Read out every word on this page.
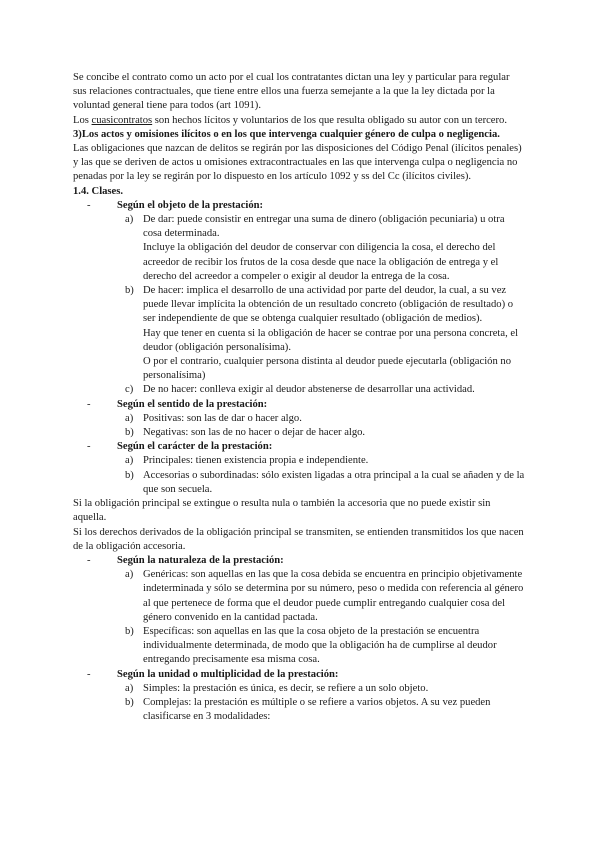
Se concibe el contrato como un acto por el cual los contratantes dictan una ley y particular para regular sus relaciones contractuales, que tiene entre ellos una fuerza semejante a la que la ley dictada por la voluntad general tiene para todos (art 1091).

Los cuasicontratos son hechos lícitos y voluntarios de los que resulta obligado su autor con un tercero.

3)Los actos y omisiones ilícitos o en los que intervenga cualquier género de culpa o negligencia.

Las obligaciones que nazcan de delitos se regirán por las disposiciones del Código Penal (ilícitos penales) y las que se deriven de actos u omisiones extracontractuales en las que intervenga culpa o negligencia no penadas por la ley se regirán por lo dispuesto en los artículo 1092 y ss del Cc (ilícitos civiles).

1.4. Clases.

- Según el objeto de la prestación:
a) De dar: puede consistir en entregar una suma de dinero (obligación pecuniaria) u otra cosa determinada.

Incluye la obligación del deudor de conservar con diligencia la cosa, el derecho del acreedor de recibir los frutos de la cosa desde que nace la obligación de entrega y el derecho del acreedor a compeler o exigir al deudor la entrega de la cosa.

b) De hacer: implica el desarrollo de una actividad por parte del deudor, la cual, a su vez puede llevar implícita la obtención de un resultado concreto (obligación de resultado) o ser independiente de que se obtenga cualquier resultado (obligación de medios).

Hay que tener en cuenta si la obligación de hacer se contrae por una persona concreta, el deudor (obligación personalísima).

O por el contrario, cualquier persona distinta al deudor puede ejecutarla (obligación no personalísima)

c) De no hacer: conlleva exigir al deudor abstenerse de desarrollar una actividad.
- Según el sentido de la prestación:
a) Positivas: son las de dar o hacer algo.
b) Negativas: son las de no hacer o dejar de hacer algo.
- Según el carácter de la prestación:
a) Principales: tienen existencia propia e independiente.
b) Accesorias o subordinadas: sólo existen ligadas a otra principal a la cual se añaden y de la que son secuela.

Si la obligación principal se extingue o resulta nula o también la accesoria que no puede existir sin aquella.

Si los derechos derivados de la obligación principal se transmiten, se entienden transmitidos los que nacen de la obligación accesoria.

- Según la naturaleza de la prestación:
a) Genéricas: son aquellas en las que la cosa debida se encuentra en principio objetivamente indeterminada y sólo se determina por su número, peso o medida con referencia al género al que pertenece de forma que el deudor puede cumplir entregando cualquier cosa del género convenido en la cantidad pactada.
b) Específicas: son aquellas en las que la cosa objeto de la prestación se encuentra individualmente determinada, de modo que la obligación ha de cumplirse al deudor entregando precisamente esa misma cosa.
- Según la unidad o multiplicidad de la prestación:
a) Simples: la prestación es única, es decir, se refiere a un solo objeto.
b) Complejas: la prestación es múltiple o se refiere a varios objetos. A su vez pueden clasificarse en 3 modalidades:
